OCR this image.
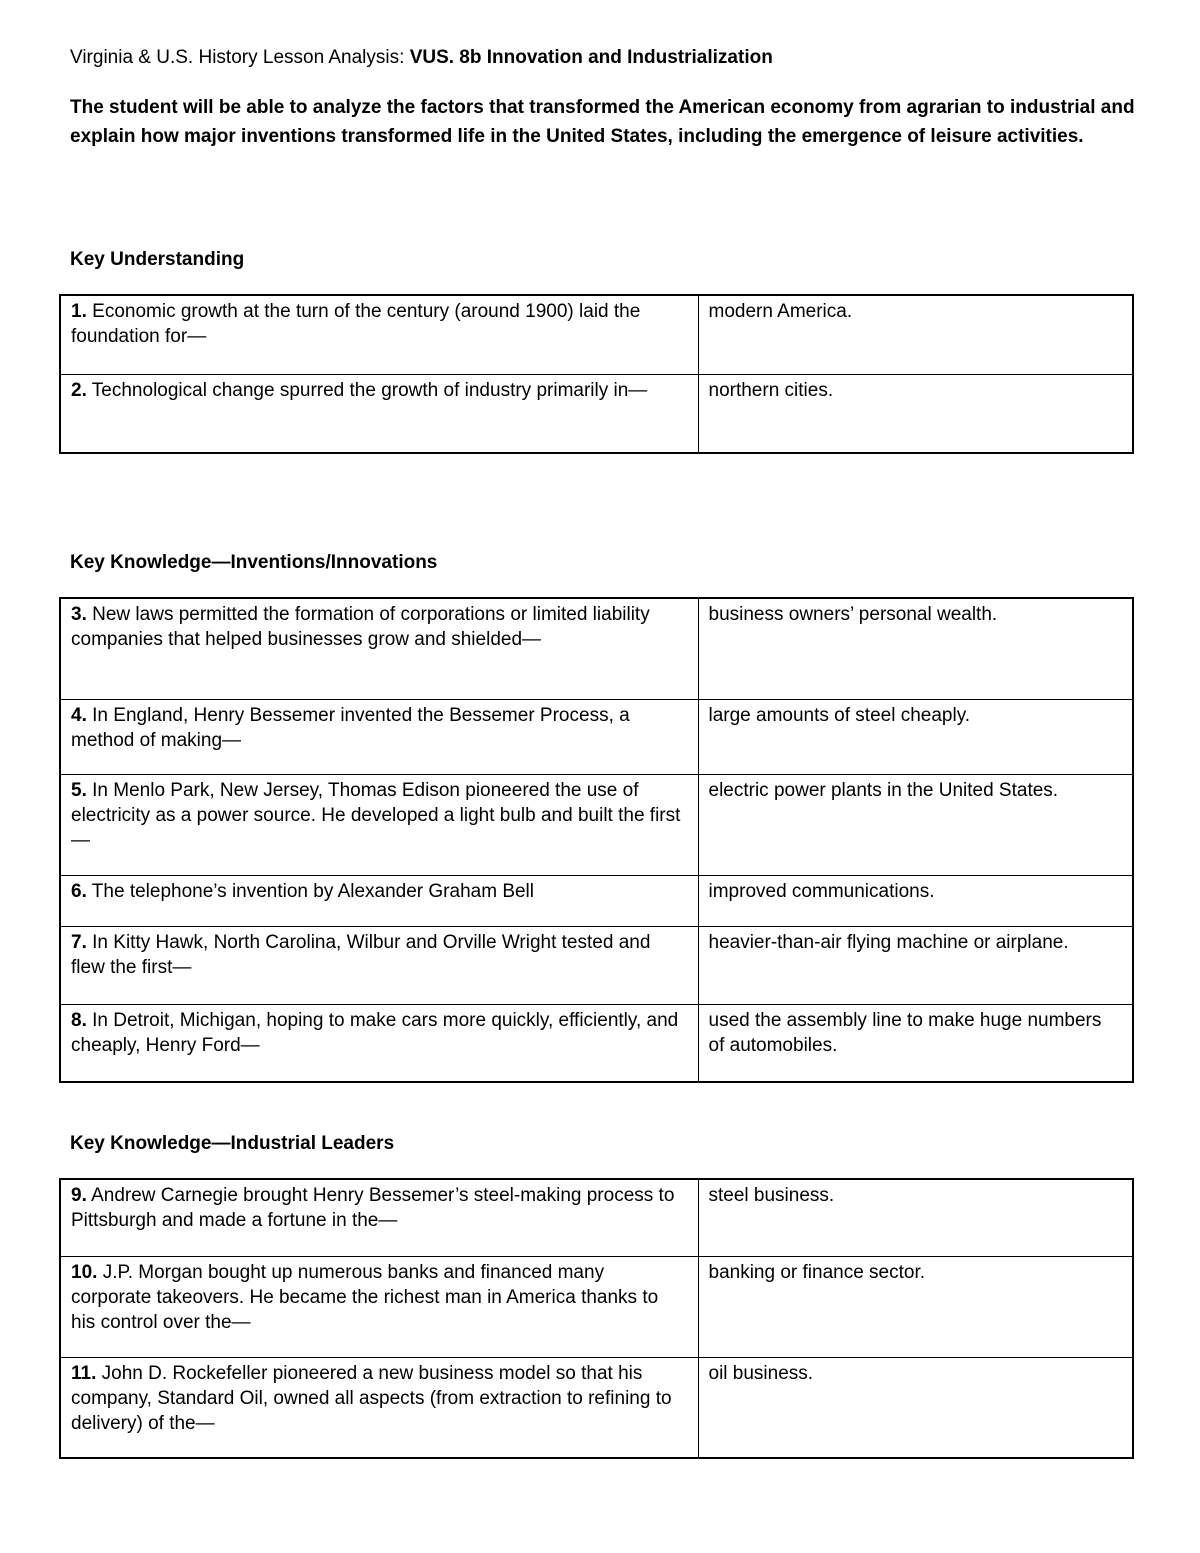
Virginia & U.S. History Lesson Analysis: VUS. 8b Innovation and Industrialization
The student will be able to analyze the factors that transformed the American economy from agrarian to industrial and explain how major inventions transformed life in the United States, including the emergence of leisure activities.
Key Understanding
1. Economic growth at the turn of the century (around 1900) laid the foundation for—	modern America.
2. Technological change spurred the growth of industry primarily in—	northern cities.
Key Knowledge—Inventions/Innovations
3. New laws permitted the formation of corporations or limited liability companies that helped businesses grow and shielded—	business owners’ personal wealth.
4. In England, Henry Bessemer invented the Bessemer Process, a method of making—	large amounts of steel cheaply.
5. In Menlo Park, New Jersey, Thomas Edison pioneered the use of electricity as a power source. He developed a light bulb and built the first—	electric power plants in the United States.
6. The telephone’s invention by Alexander Graham Bell	improved communications.
7. In Kitty Hawk, North Carolina, Wilbur and Orville Wright tested and flew the first—	heavier-than-air flying machine or airplane.
8. In Detroit, Michigan, hoping to make cars more quickly, efficiently, and cheaply, Henry Ford—	used the assembly line to make huge numbers of automobiles.
Key Knowledge—Industrial Leaders
9. Andrew Carnegie brought Henry Bessemer’s steel-making process to Pittsburgh and made a fortune in the—	steel business.
10. J.P. Morgan bought up numerous banks and financed many corporate takeovers. He became the richest man in America thanks to his control over the—	banking or finance sector.
11. John D. Rockefeller pioneered a new business model so that his company, Standard Oil, owned all aspects (from extraction to refining to delivery) of the—	oil business.
